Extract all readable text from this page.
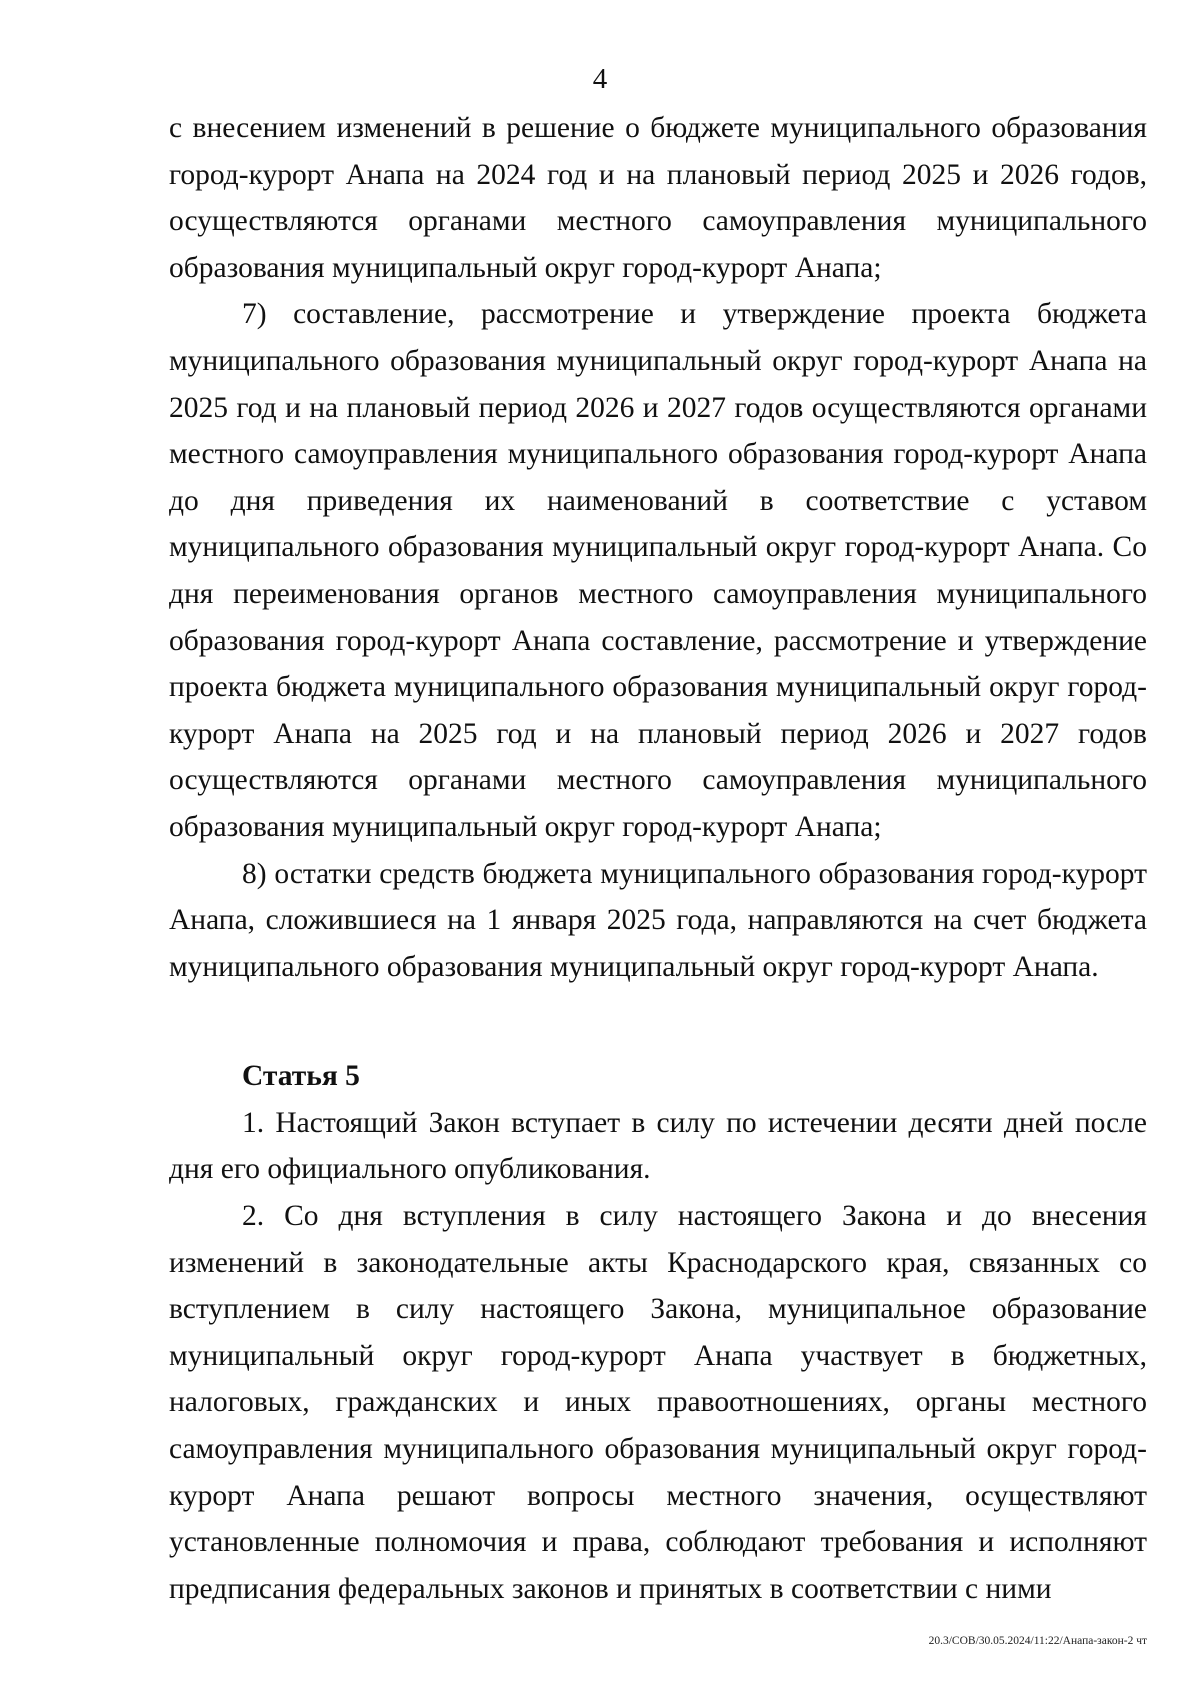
4

с внесением изменений в решение о бюджете муниципального образования город-курорт Анапа на 2024 год и на плановый период 2025 и 2026 годов, осуществляются органами местного самоуправления муниципального образования муниципальный округ город-курорт Анапа;

7) составление, рассмотрение и утверждение проекта бюджета муниципального образования муниципальный округ город-курорт Анапа на 2025 год и на плановый период 2026 и 2027 годов осуществляются органами местного самоуправления муниципального образования город-курорт Анапа до дня приведения их наименований в соответствие с уставом муниципального образования муниципальный округ город-курорт Анапа. Со дня переименования органов местного самоуправления муниципального образования город-курорт Анапа составление, рассмотрение и утверждение проекта бюджета муниципального образования муниципальный округ город-курорт Анапа на 2025 год и на плановый период 2026 и 2027 годов осуществляются органами местного самоуправления муниципального образования муниципальный округ город-курорт Анапа;

8) остатки средств бюджета муниципального образования город-курорт Анапа, сложившиеся на 1 января 2025 года, направляются на счет бюджета муниципального образования муниципальный округ город-курорт Анапа.

Статья 5

1. Настоящий Закон вступает в силу по истечении десяти дней после дня его официального опубликования.

2. Со дня вступления в силу настоящего Закона и до внесения изменений в законодательные акты Краснодарского края, связанных со вступлением в силу настоящего Закона, муниципальное образование муниципальный округ город-курорт Анапа участвует в бюджетных, налоговых, гражданских и иных правоотношениях, органы местного самоуправления муниципального образования муниципальный округ город-курорт Анапа решают вопросы местного значения, осуществляют установленные полномочия и права, соблюдают требования и исполняют предписания федеральных законов и принятых в соответствии с ними

20.3/СОВ/30.05.2024/11:22/Анапа-закон-2 чт
